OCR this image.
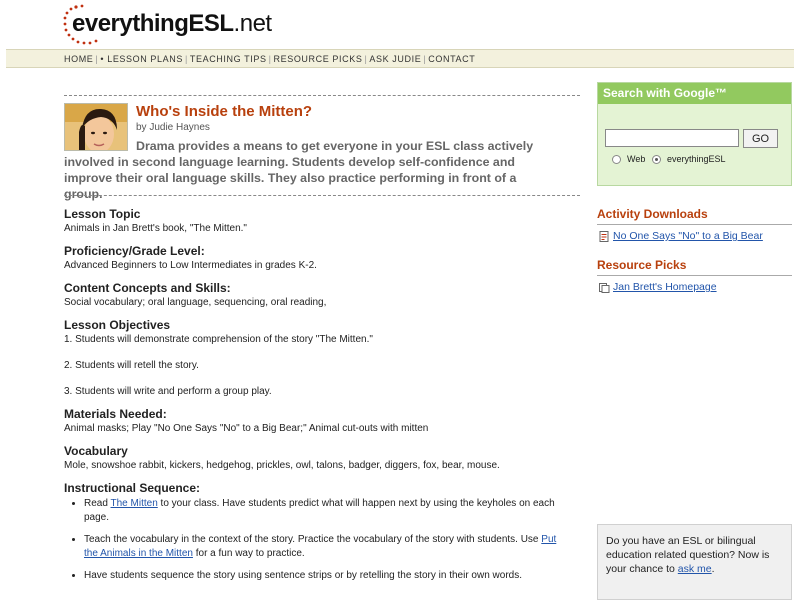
everythingESL.net
HOME | • LESSON PLANS | TEACHING TIPS | RESOURCE PICKS | ASK JUDIE | CONTACT
Who's Inside the Mitten?
by Judie Haynes
Drama provides a means to get everyone in your ESL class actively involved in second language learning. Students develop self-confidence and improve their oral language skills. They also practice performing in front of a group.
Lesson Topic
Animals in Jan Brett's book, "The Mitten."
Proficiency/Grade Level:
Advanced Beginners to Low Intermediates in grades K-2.
Content Concepts and Skills:
Social vocabulary; oral language, sequencing, oral reading,
Lesson Objectives
1. Students will demonstrate comprehension of the story "The Mitten."
2. Students will retell the story.
3. Students will write and perform a group play.
Materials Needed:
Animal masks; Play "No One Says "No" to a Big Bear;" Animal cut-outs with mitten
Vocabulary
Mole, snowshoe rabbit, kickers, hedgehog, prickles, owl, talons, badger, diggers, fox, bear, mouse.
Instructional Sequence:
Read The Mitten to your class. Have students predict what will happen next by using the keyholes on each page.
Teach the vocabulary in the context of the story. Practice the vocabulary of the story with students. Use Put the Animals in the Mitten for a fun way to practice.
Have students sequence the story using sentence strips or by retelling the story in their own words.
Search with Google™
GO
Web everythingESL
Activity Downloads
No One Says "No" to a Big Bear
Resource Picks
Jan Brett's Homepage
Do you have an ESL or bilingual education related question? Now is your chance to ask me.
